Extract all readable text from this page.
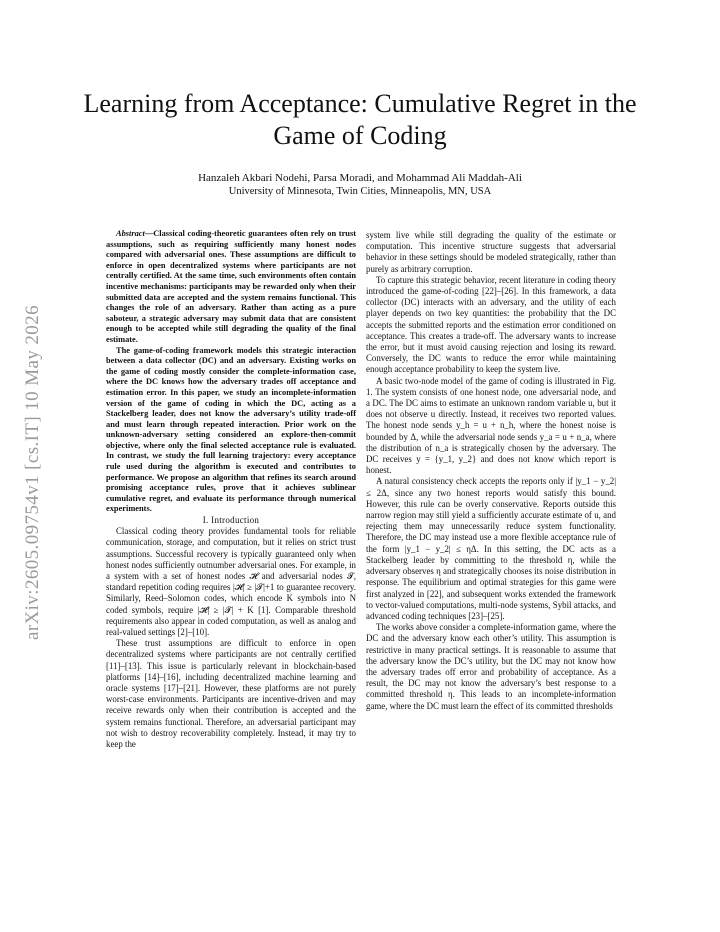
arXiv:2605.09754v1 [cs.IT] 10 May 2026
Learning from Acceptance: Cumulative Regret in the Game of Coding
Hanzaleh Akbari Nodehi, Parsa Moradi, and Mohammad Ali Maddah-Ali
University of Minnesota, Twin Cities, Minneapolis, MN, USA

Abstract—Classical coding-theoretic guarantees often rely on trust assumptions, such as requiring sufficiently many honest nodes compared with adversarial ones. These assumptions are difficult to enforce in open decentralized systems where participants are not centrally certified. At the same time, such environments often contain incentive mechanisms: participants may be rewarded only when their submitted data are accepted and the system remains functional. This changes the role of an adversary. Rather than acting as a pure saboteur, a strategic adversary may submit data that are consistent enough to be accepted while still degrading the quality of the final estimate.

The game-of-coding framework models this strategic interaction between a data collector (DC) and an adversary. Existing works on the game of coding mostly consider the complete-information case, where the DC knows how the adversary trades off acceptance and estimation error. In this paper, we study an incomplete-information version of the game of coding in which the DC, acting as a Stackelberg leader, does not know the adversary’s utility trade-off and must learn through repeated interaction. Prior work on the unknown-adversary setting considered an explore-then-commit objective, where only the final selected acceptance rule is evaluated. In contrast, we study the full learning trajectory: every acceptance rule used during the algorithm is executed and contributes to performance. We propose an algorithm that refines its search around promising acceptance rules, prove that it achieves sublinear cumulative regret, and evaluate its performance through numerical experiments.

I. Introduction

Classical coding theory provides fundamental tools for reliable communication, storage, and computation, but it relies on strict trust assumptions. Successful recovery is typically guaranteed only when honest nodes sufficiently outnumber adversarial ones. For example, in a system with a set of honest nodes 𝓗 and adversarial nodes 𝓣, standard repetition coding requires |𝓗| ≥ |𝓣|+1 to guarantee recovery. Similarly, Reed–Solomon codes, which encode K symbols into N coded symbols, require |𝓗| ≥ |𝓣| + K [1]. Comparable threshold requirements also appear in coded computation, as well as analog and real-valued settings [2]–[10].

These trust assumptions are difficult to enforce in open decentralized systems where participants are not centrally certified [11]–[13]. This issue is particularly relevant in blockchain-based platforms [14]–[16], including decentralized machine learning and oracle systems [17]–[21]. However, these platforms are not purely worst-case environments. Participants are incentive-driven and may receive rewards only when their contribution is accepted and the system remains functional. Therefore, an adversarial participant may not wish to destroy recoverability completely. Instead, it may try to keep the

system live while still degrading the quality of the estimate or computation. This incentive structure suggests that adversarial behavior in these settings should be modeled strategically, rather than purely as arbitrary corruption.

To capture this strategic behavior, recent literature in coding theory introduced the game-of-coding [22]–[26]. In this framework, a data collector (DC) interacts with an adversary, and the utility of each player depends on two key quantities: the probability that the DC accepts the submitted reports and the estimation error conditioned on acceptance. This creates a trade-off. The adversary wants to increase the error, but it must avoid causing rejection and losing its reward. Conversely, the DC wants to reduce the error while maintaining enough acceptance probability to keep the system live.

A basic two-node model of the game of coding is illustrated in Fig. 1. The system consists of one honest node, one adversarial node, and a DC. The DC aims to estimate an unknown random variable u, but it does not observe u directly. Instead, it receives two reported values. The honest node sends y_h = u + n_h, where the honest noise is bounded by Δ, while the adversarial node sends y_a = u + n_a, where the distribution of n_a is strategically chosen by the adversary. The DC receives y = {y_1, y_2} and does not know which report is honest.

A natural consistency check accepts the reports only if |y_1 − y_2| ≤ 2Δ, since any two honest reports would satisfy this bound. However, this rule can be overly conservative. Reports outside this narrow region may still yield a sufficiently accurate estimate of u, and rejecting them may unnecessarily reduce system functionality. Therefore, the DC may instead use a more flexible acceptance rule of the form |y_1 − y_2| ≤ ηΔ. In this setting, the DC acts as a Stackelberg leader by committing to the threshold η, while the adversary observes η and strategically chooses its noise distribution in response. The equilibrium and optimal strategies for this game were first analyzed in [22], and subsequent works extended the framework to vector-valued computations, multi-node systems, Sybil attacks, and advanced coding techniques [23]–[25].

The works above consider a complete-information game, where the DC and the adversary know each other’s utility. This assumption is restrictive in many practical settings. It is reasonable to assume that the adversary know the DC’s utility, but the DC may not know how the adversary trades off error and probability of acceptance. As a result, the DC may not know the adversary’s best response to a committed threshold η. This leads to an incomplete-information game, where the DC must learn the effect of its committed thresholds
